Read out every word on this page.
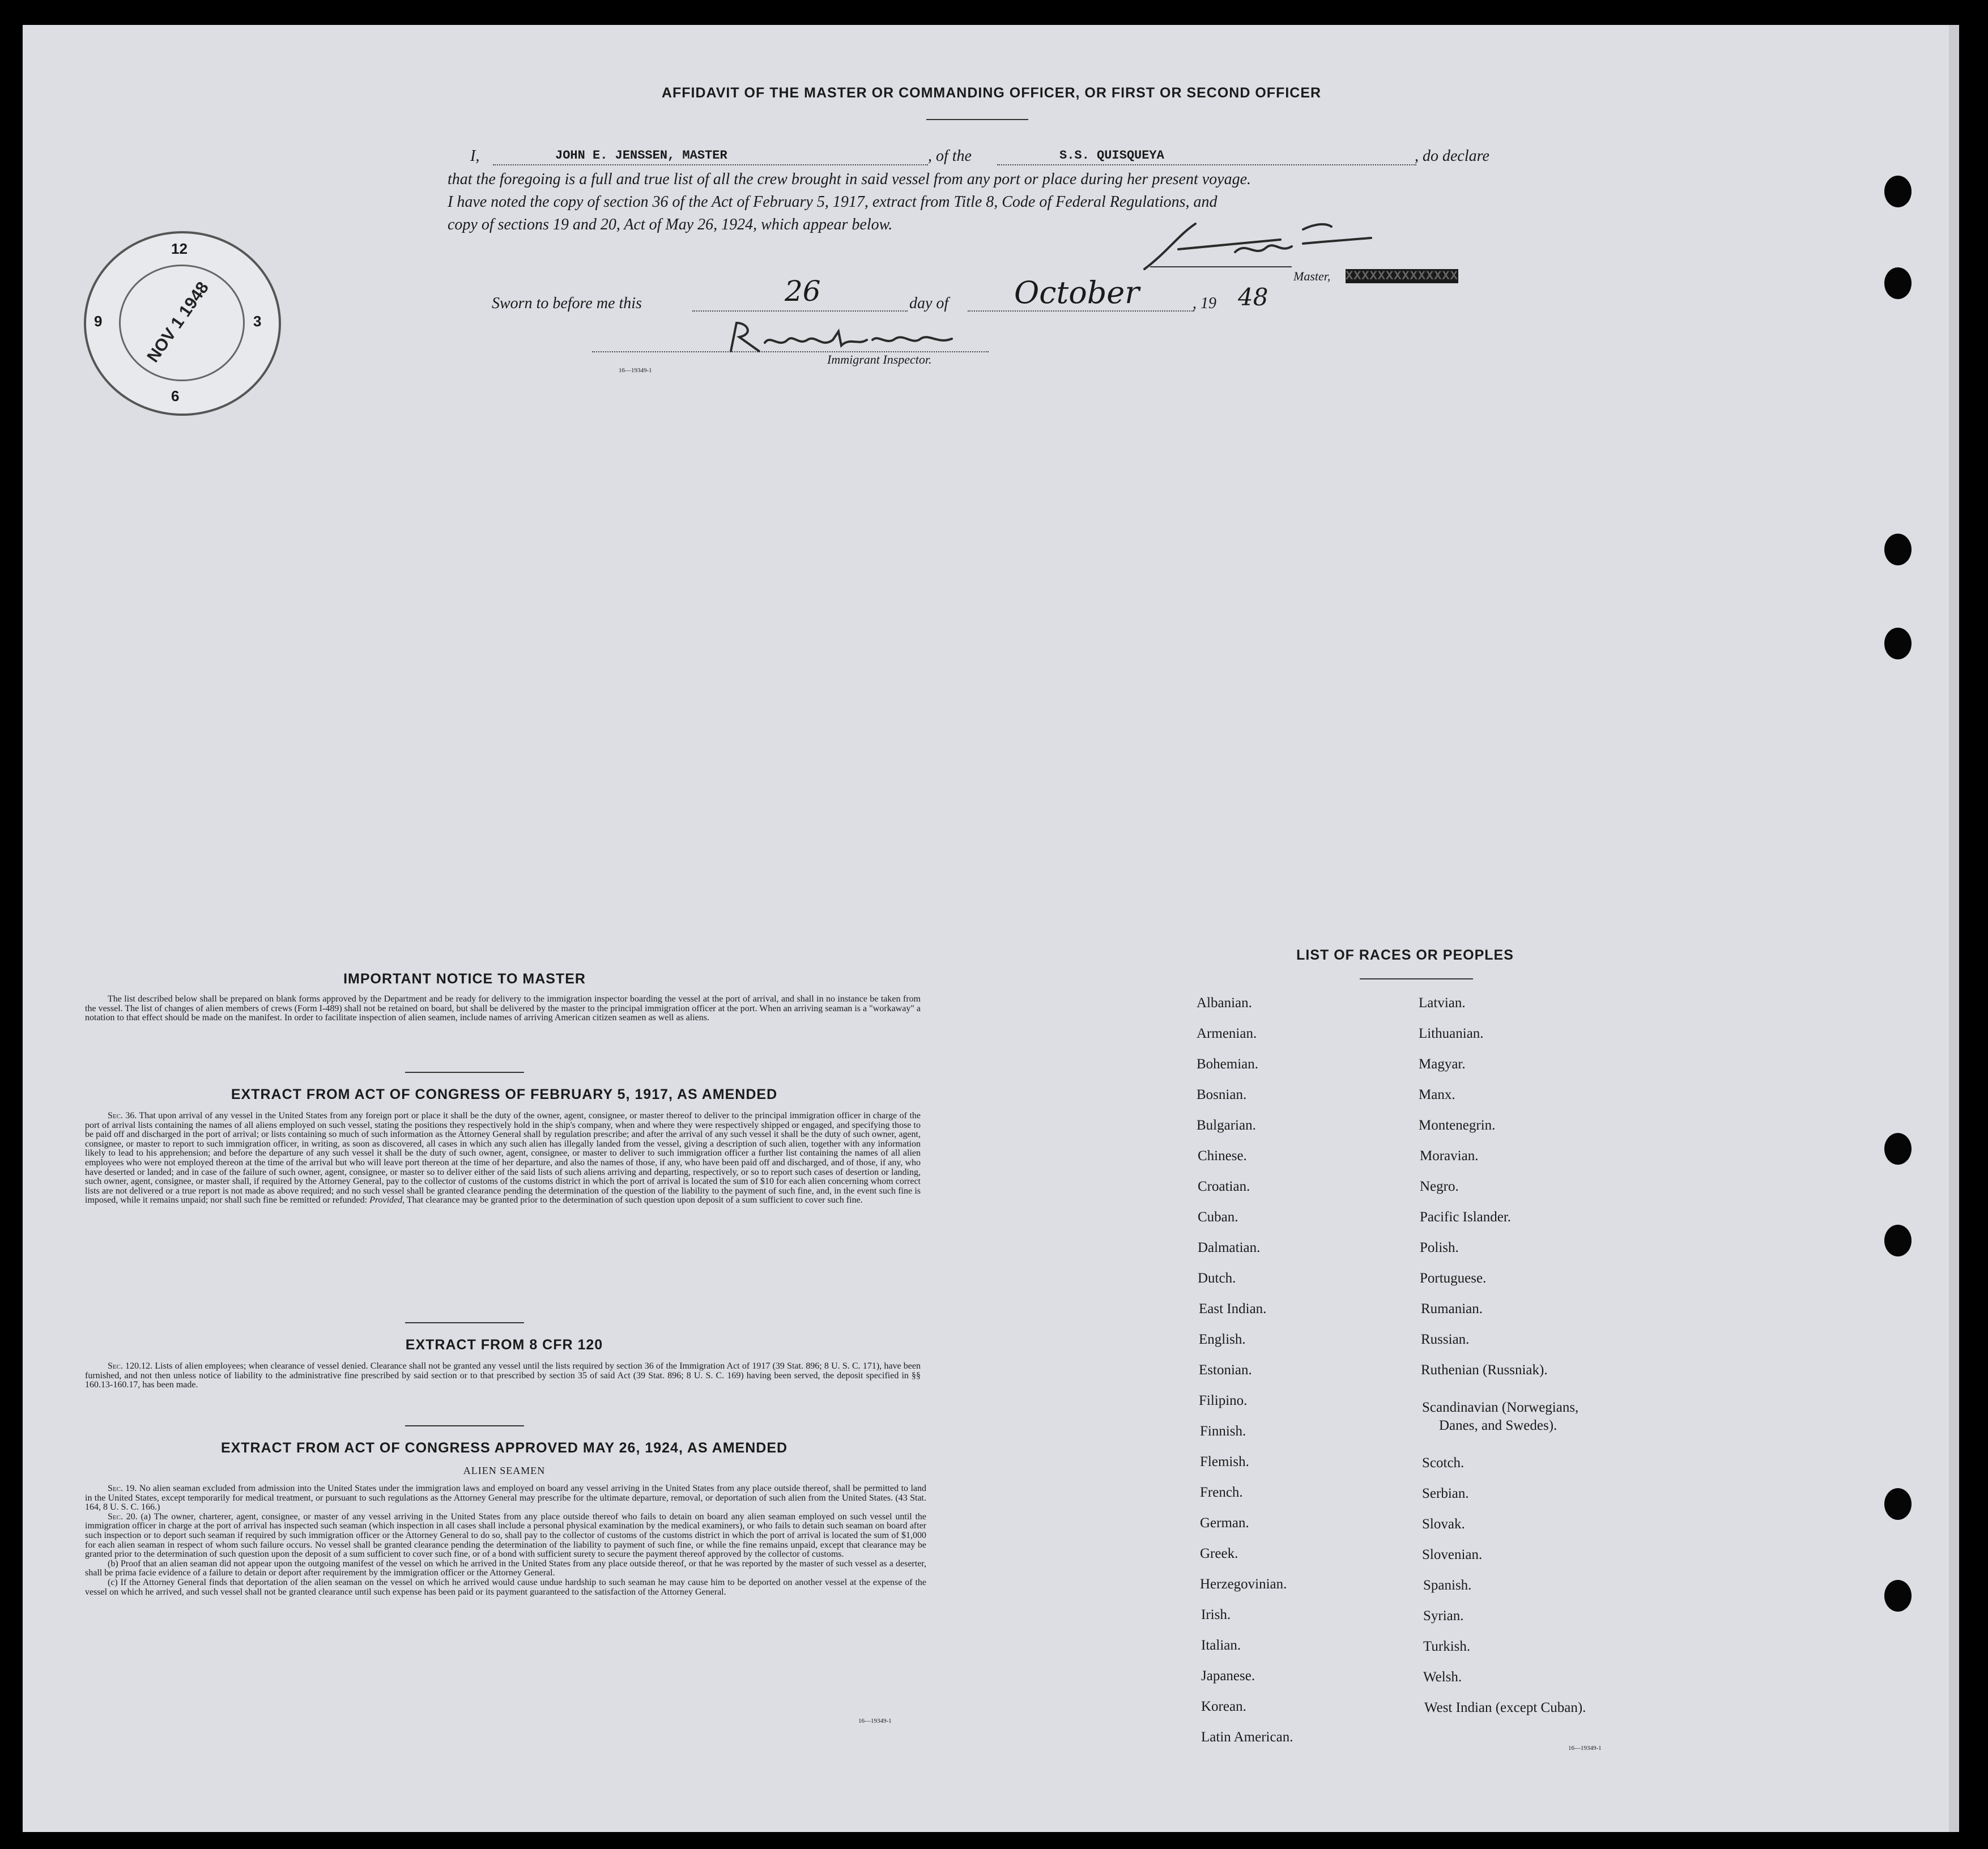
AFFIDAVIT OF THE MASTER OR COMMANDING OFFICER, OR FIRST OR SECOND OFFICER
I,	JOHN E. JENSSEN, MASTER	, of the	S.S. QUISQUEYA	, do declare
that the foregoing is a full and true list of all the crew brought in said vessel from any port or place during her present voyage.
I have noted the copy of section 36 of the Act of February 5, 1917, extract from Title 8, Code of Federal Regulations, and
copy of sections 19 and 20, Act of May 26, 1924, which appear below.
Master, XXXXXXXXXXXXXX
Sworn to before me this	26	day of October	, 19 48
Immigrant Inspector.
16—19349-1
NOV 1 1948
12
3
6
9
IMPORTANT NOTICE TO MASTER

The list described below shall be prepared on blank forms approved by the Department and be ready for delivery to the immigration inspector boarding the vessel at the port of arrival, and shall in no instance be taken from the vessel. The list of changes of alien members of crews (Form I-489) shall not be retained on board, but shall be delivered by the master to the principal immigration officer at the port. When an arriving seaman is a "workaway" a notation to that effect should be made on the manifest. In order to facilitate inspection of alien seamen, include names of arriving American citizen seamen as well as aliens.

EXTRACT FROM ACT OF CONGRESS OF FEBRUARY 5, 1917, AS AMENDED

Sec. 36. That upon arrival of any vessel in the United States from any foreign port or place it shall be the duty of the owner, agent, consignee, or master thereof to deliver to the principal immigration officer in charge of the port of arrival lists containing the names of all aliens employed on such vessel, stating the positions they respectively hold in the ship's company, when and where they were respectively shipped or engaged, and specifying those to be paid off and discharged in the port of arrival; or lists containing so much of such information as the Attorney General shall by regulation prescribe; and after the arrival of any such vessel it shall be the duty of such owner, agent, consignee, or master to report to such immigration officer, in writing, as soon as discovered, all cases in which any such alien has illegally landed from the vessel, giving a description of such alien, together with any information likely to lead to his apprehension; and before the departure of any such vessel it shall be the duty of such owner, agent, consignee, or master to deliver to such immigration officer a further list containing the names of all alien employees who were not employed thereon at the time of the arrival but who will leave port thereon at the time of her departure, and also the names of those, if any, who have been paid off and discharged, and of those, if any, who have deserted or landed; and in case of the failure of such owner, agent, consignee, or master so to deliver either of the said lists of such aliens arriving and departing, respectively, or so to report such cases of desertion or landing, such owner, agent, consignee, or master shall, if required by the Attorney General, pay to the collector of customs of the customs district in which the port of arrival is located the sum of $10 for each alien concerning whom correct lists are not delivered or a true report is not made as above required; and no such vessel shall be granted clearance pending the determination of the question of the liability to the payment of such fine, and, in the event such fine is imposed, while it remains unpaid; nor shall such fine be remitted or refunded: Provided, That clearance may be granted prior to the determination of such question upon deposit of a sum sufficient to cover such fine.

EXTRACT FROM 8 CFR 120

Sec. 120.12. Lists of alien employees; when clearance of vessel denied. Clearance shall not be granted any vessel until the lists required by section 36 of the Immigration Act of 1917 (39 Stat. 896; 8 U. S. C. 171), have been furnished, and not then unless notice of liability to the administrative fine prescribed by said section or to that prescribed by section 35 of said Act (39 Stat. 896; 8 U. S. C. 169) having been served, the deposit specified in §§ 160.13-160.17, has been made.

EXTRACT FROM ACT OF CONGRESS APPROVED MAY 26, 1924, AS AMENDED
ALIEN SEAMEN

Sec. 19. No alien seaman excluded from admission into the United States under the immigration laws and employed on board any vessel arriving in the United States from any place outside thereof, shall be permitted to land in the United States, except temporarily for medical treatment, or pursuant to such regulations as the Attorney General may prescribe for the ultimate departure, removal, or deportation of such alien from the United States. (43 Stat. 164, 8 U. S. C. 166.)

Sec. 20. (a) The owner, charterer, agent, consignee, or master of any vessel arriving in the United States from any place outside thereof who fails to detain on board any alien seaman employed on such vessel until the immigration officer in charge at the port of arrival has inspected such seaman (which inspection in all cases shall include a personal physical examination by the medical examiners), or who fails to detain such seaman on board after such inspection or to deport such seaman if required by such immigration officer or the Attorney General to do so, shall pay to the collector of customs of the customs district in which the port of arrival is located the sum of $1,000 for each alien seaman in respect of whom such failure occurs. No vessel shall be granted clearance pending the determination of the liability to payment of such fine, or while the fine remains unpaid, except that clearance may be granted prior to the determination of such question upon the deposit of a sum sufficient to cover such fine, or of a bond with sufficient surety to secure the payment thereof approved by the collector of customs.

(b) Proof that an alien seaman did not appear upon the outgoing manifest of the vessel on which he arrived in the United States from any place outside thereof, or that he was reported by the master of such vessel as a deserter, shall be prima facie evidence of a failure to detain or deport after requirement by the immigration officer or the Attorney General.

(c) If the Attorney General finds that deportation of the alien seaman on the vessel on which he arrived would cause undue hardship to such seaman he may cause him to be deported on another vessel at the expense of the vessel on which he arrived, and such vessel shall not be granted clearance until such expense has been paid or its payment guaranteed to the satisfaction of the Attorney General.

16—19349-1
LIST OF RACES OR PEOPLES
Albanian.
Armenian.
Bohemian.
Bosnian.
Bulgarian.
Chinese.
Croatian.
Cuban.
Dalmatian.
Dutch.
East Indian.
English.
Estonian.
Filipino.
Finnish.
Flemish.
French.
German.
Greek.
Herzegovinian.
Irish.
Italian.
Japanese.
Korean.
Latin American.
Latvian.
Lithuanian.
Magyar.
Manx.
Montenegrin.
Moravian.
Negro.
Pacific Islander.
Polish.
Portuguese.
Rumanian.
Russian.
Ruthenian (Russniak).
Scandinavian (Norwegians,
Danes, and Swedes).
Scotch.
Serbian.
Slovak.
Slovenian.
Spanish.
Syrian.
Turkish.
Welsh.
West Indian (except Cuban).
16—19349-1
